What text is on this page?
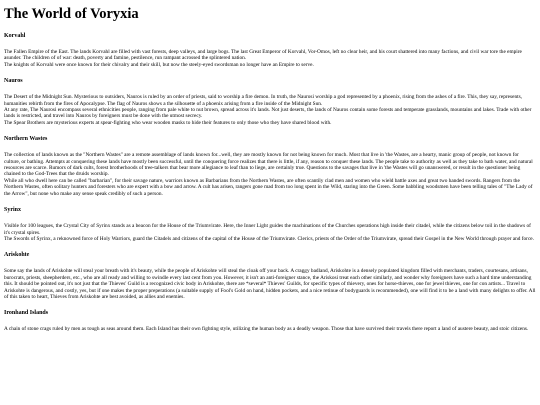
The World of Voryxia
Korvahl

The Fallen Empire of the East. The lands Korvahl are filled with vast forests, deep valleys, and large bogs. The last Great Emperor of Korvahl, Vor-Omos, left no clear heir, and his court shattered into many factions, and civil war tore the empire asunder. The children of of war: death, poverty and famine, pestilence, run rampant acrossed the splintered nation.

The knights of Korvahl were once known for their chivalry and their skill, but now the steely-eyed swordsman no longer have an Empire to serve.

Nauros

The Desert of the Midnight Sun. Mysterious to outsiders, Nauros is ruled by an order of priests, said to worship a fire demon. In truth, the Naurosi worship a god represented by a phoenix, rising from the ashes of a fire. This, they say, represents, humanities rebirth from the fires of Apocalypse. The flag of Nauros shows a the silhouette of a phoenix arising from a fire inside of the Midnight Sun.

At any rate, The Naurosi encompass several ethnicities people, ranging from pale white to nut brown, spread across it's lands. Not just deserts, the lands of Nauros contain some forests and temperate grasslands, mountains and lakes. Trade with other lands is restricted, and travel into Nauros by foreigners must be done with the utmost secrecy.

The Spear Brothers are mysterious experts at spear-fighting who wear wooden masks to hide their features to only those who they have shared blood with.

Northern Wastes

The collection of lands known as the "Northern Wastes" are a remote assemblage of lands known for...well, they are mostly known for not being known for much. Most that live in 'the Wastes, are a hearty, manic group of people, not known for culture, or bathing. Attempts at conquering these lands have mostly been successful, until the conquering force realizes that there is little, if any, reason to conquer these lands. The people take to authority as well as they take to bath water, and natural resources are scarce. Rumors of dark cults, forest brotherhoods of tree-talkers that bear more allegiance to leaf than to liege, are certainly true. Questions to the savages that live in 'the Wastes will go unanswered, or result in the questioner being chained to the God-Trees that the druids worship.

While all who dwell here can be called "barbarian", for their savage nature, warriors known as Barbarians from the Northern Wastes, are often scantily clad men and women who wield battle axes and great two handed swords. Rangers from the Northern Wastes, often solitary hunters and foresters who are expert with a bow and arrow. A cult has arisen, rangers gone mad from too long spent in the Wild, staring into the Green. Some babbling woodsmen have been telling tales of "The Lady of the Arrow", but none who make any sense speak credibly of such a person.

Syrinx

Visible for 100 leagues, the Crystal City of Syrinx stands as a beacon for the House of the Triumvirate. Here, the Inner Light guides the machinations of the Churches operations high inside their citadel, while the citizens below toil in the shadows of it's crystal spires.

The Swords of Syrinx, a reknowned force of Holy Warriors, guard the Citadels and citizens of the capital of the House of the Triumvirate. Clerics, priests of the Order of the Triumvirate, spread their Gospel in the New World through prayer and force.

Ariskohte

Some say the lands of Ariskohte will steal your breath with it's beauty, while the people of Ariskohte will steal the cloak off your back. A craggy badland, Ariskohte is a densely populated kingdom filled with merchants, traders, courtesans, artisans, burocrats, priests, sheepherders, etc., who are all ready and willing to swindle every last cent from you. However, it isn't an anti-foreigner stance, the Ariskosi treat each other similarly, and wonder why foreigners have such a hard time understanding this. It should be pointed out, it's not just that the Thieves' Guild is a recognized civic body in Ariskohte, there are *several* Thieves' Guilds, for specific types of thievery, ones for horse-thieves, one for jewel thieves, one for con artists... Travel to Ariskohte is dangerous, and costly, yes, but if one makes the proper preperations (a suitable supply of Fool's Gold on hand, hidden pockets, and a nice retinue of bodyguards is recommended), one will find it to be a land with many delights to offer. All of this taken to heart, Thieves from Ariskohte are best avoided, as allies and enemies.

Ironhand Islands

A chain of stone crags ruled by men as tough as seas around them. Each Island has their own fighting style, utilizing the human body as a deadly weapon. Those that have survived their travels there report a land of austere beauty, and stoic citizens.
